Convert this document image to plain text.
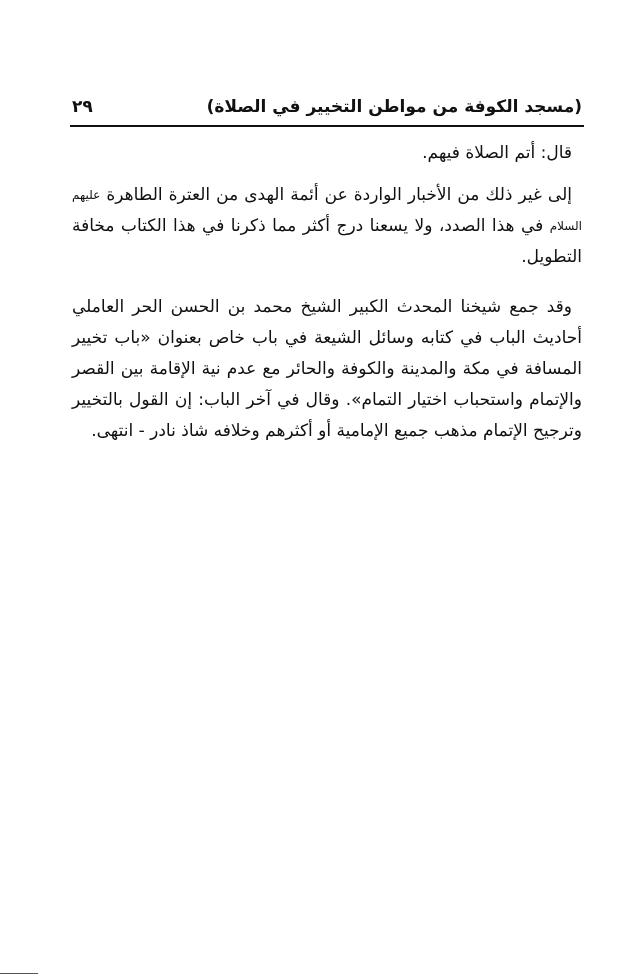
(مسجد الكوفة من مواطن التخيير في الصلاة)
٢٩

قال: أتم الصلاة فيهم.

إلى غير ذلك من الأخبار الواردة عن أئمة الهدى من العترة الطاهرة $^{عليهم السلام}$ في هذا الصدد، ولا يسعنا درج أكثر مما ذكرنا في هذا الكتاب مخافة التطويل.

وقد جمع شيخنا المحدث الكبير الشيخ محمد بن الحسن الحر العاملي أحاديث الباب في كتابه وسائل الشيعة في باب خاص بعنوان «باب تخيير المسافة في مكة والمدينة والكوفة والحائر مع عدم نية الإقامة بين القصر والإتمام واستحباب اختيار التمام». وقال في آخر الباب: إن القول بالتخيير وترجيح الإتمام مذهب جميع الإمامية أو أكثرهم وخلافه شاذ نادر - انتهى.
